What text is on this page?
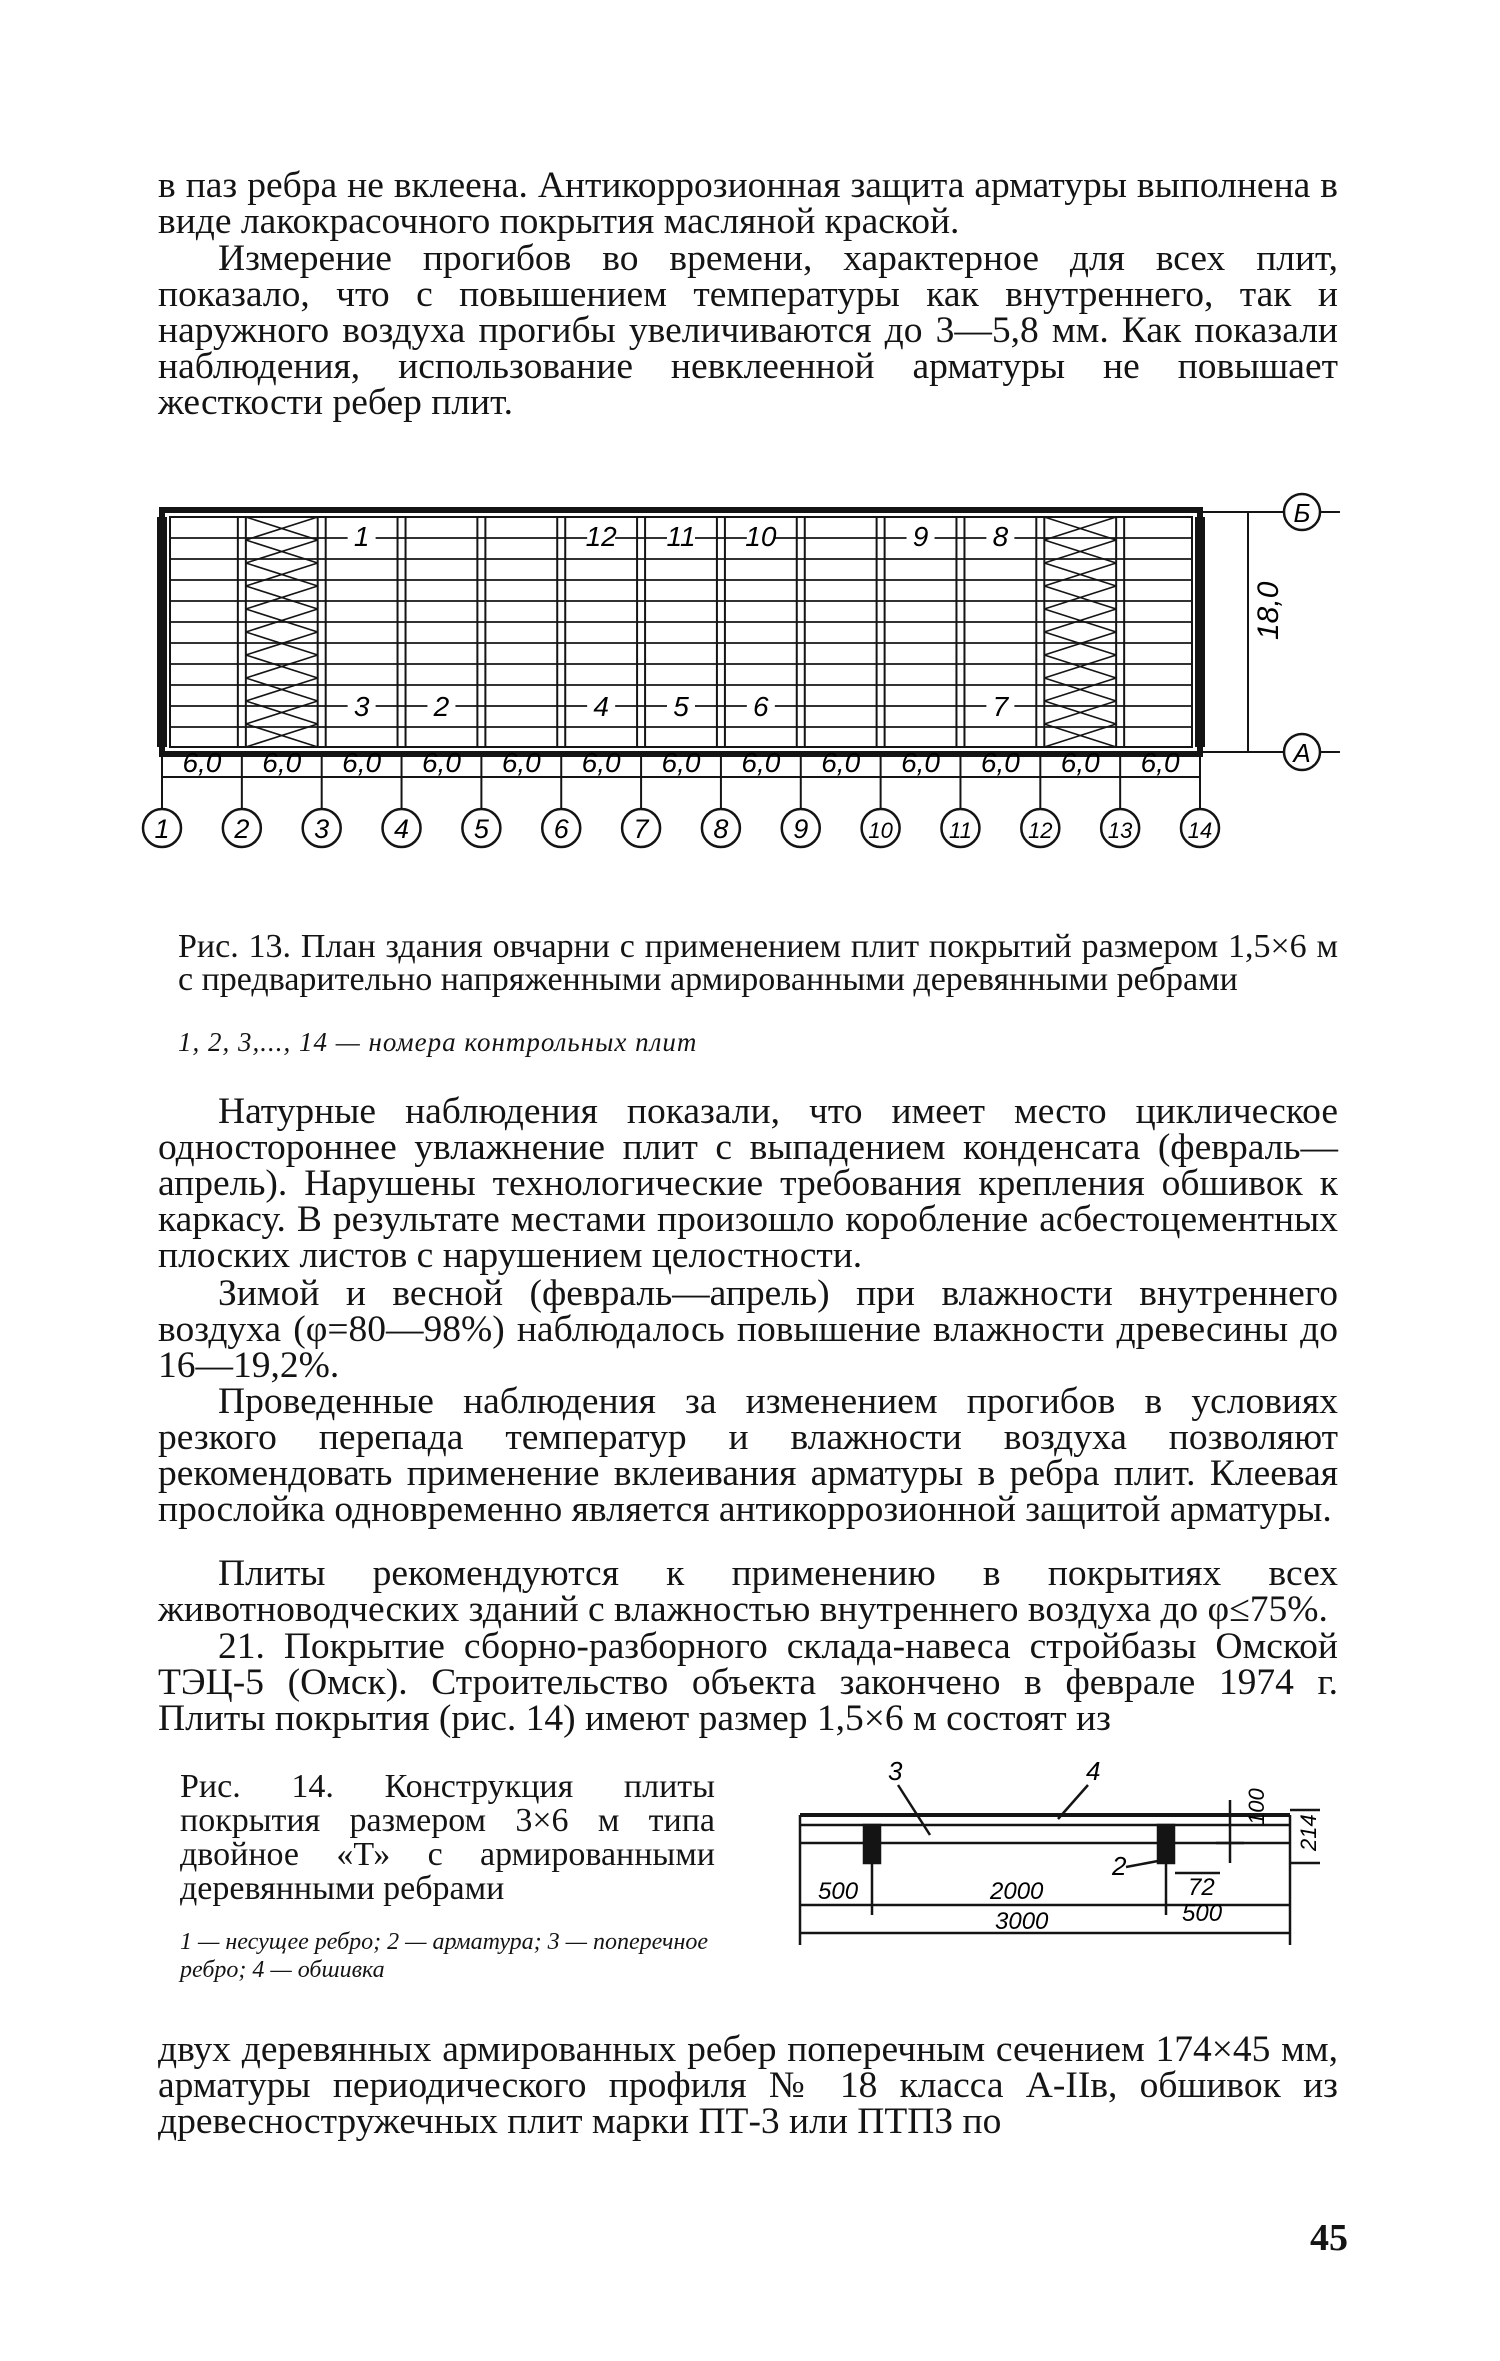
в паз ребра не вклеена. Антикоррозионная защита арматуры выполнена в виде лакокрасочного покрытия масляной краской.

Измерение прогибов во времени, характерное для всех плит, показало, что с повышением температуры как внутреннего, так и наружного воздуха прогибы увеличиваются до 3—5,8 мм. Как показали наблюдения, использование невклеенной арматуры не повышает жесткости ребер плит.

6,0 6,0 6,0 6,0 6,0 6,0 6,0 6,0 6,0 6,0 6,0 6,0 6,0
1 2 3 4 5 6 7 8 9	10	11	12	13	14
1	12 11 10	9 8
3 2	4 5 6	7
18,0
Б
А

Рис. 13. План здания овчарни с применением плит покрытий размером 1,5×6 м с предварительно напряженными армированными деревянными ребрами

1, 2, 3,..., 14 — номера контрольных плит

Натурные наблюдения показали, что имеет место циклическое одностороннее увлажнение плит с выпадением конденсата (февраль—апрель). Нарушены технологические требования крепления обшивок к каркасу. В результате местами произошло коробление асбестоцементных плоских листов с нарушением целостности.

Зимой и весной (февраль—апрель) при влажности внутреннего воздуха (φ=80—98%) наблюдалось повышение влажности древесины до 16—19,2%.

Проведенные наблюдения за изменением прогибов в условиях резкого перепада температур и влажности воздуха позволяют рекомендовать применение вклеивания арматуры в ребра плит. Клеевая прослойка одновременно является антикоррозионной защитой арматуры.

Плиты рекомендуются к применению в покрытиях всех животноводческих зданий с влажностью внутреннего воздуха до φ≤75%.

21. Покрытие сборно-разборного склада-навеса стройбазы Омской ТЭЦ-5 (Омск). Строительство объекта закончено в феврале 1974 г. Плиты покрытия (рис. 14) имеют размер 1,5×6 м состоят из

Рис. 14. Конструкция плиты покрытия размером 3×6 м типа двойное «Т» с армированными деревянными ребрами

1 — несущее ребро; 2 — арматура; 3 — поперечное ребро; 4 — обшивка

3	4
2
500	2000
3000
72
500
100
214

двух деревянных армированных ребер поперечным сечением 174×45 мм, арматуры периодического профиля № 18 класса А-IIв, обшивок из древесностружечных плит марки ПТ-3 или ПТПЗ по

45
